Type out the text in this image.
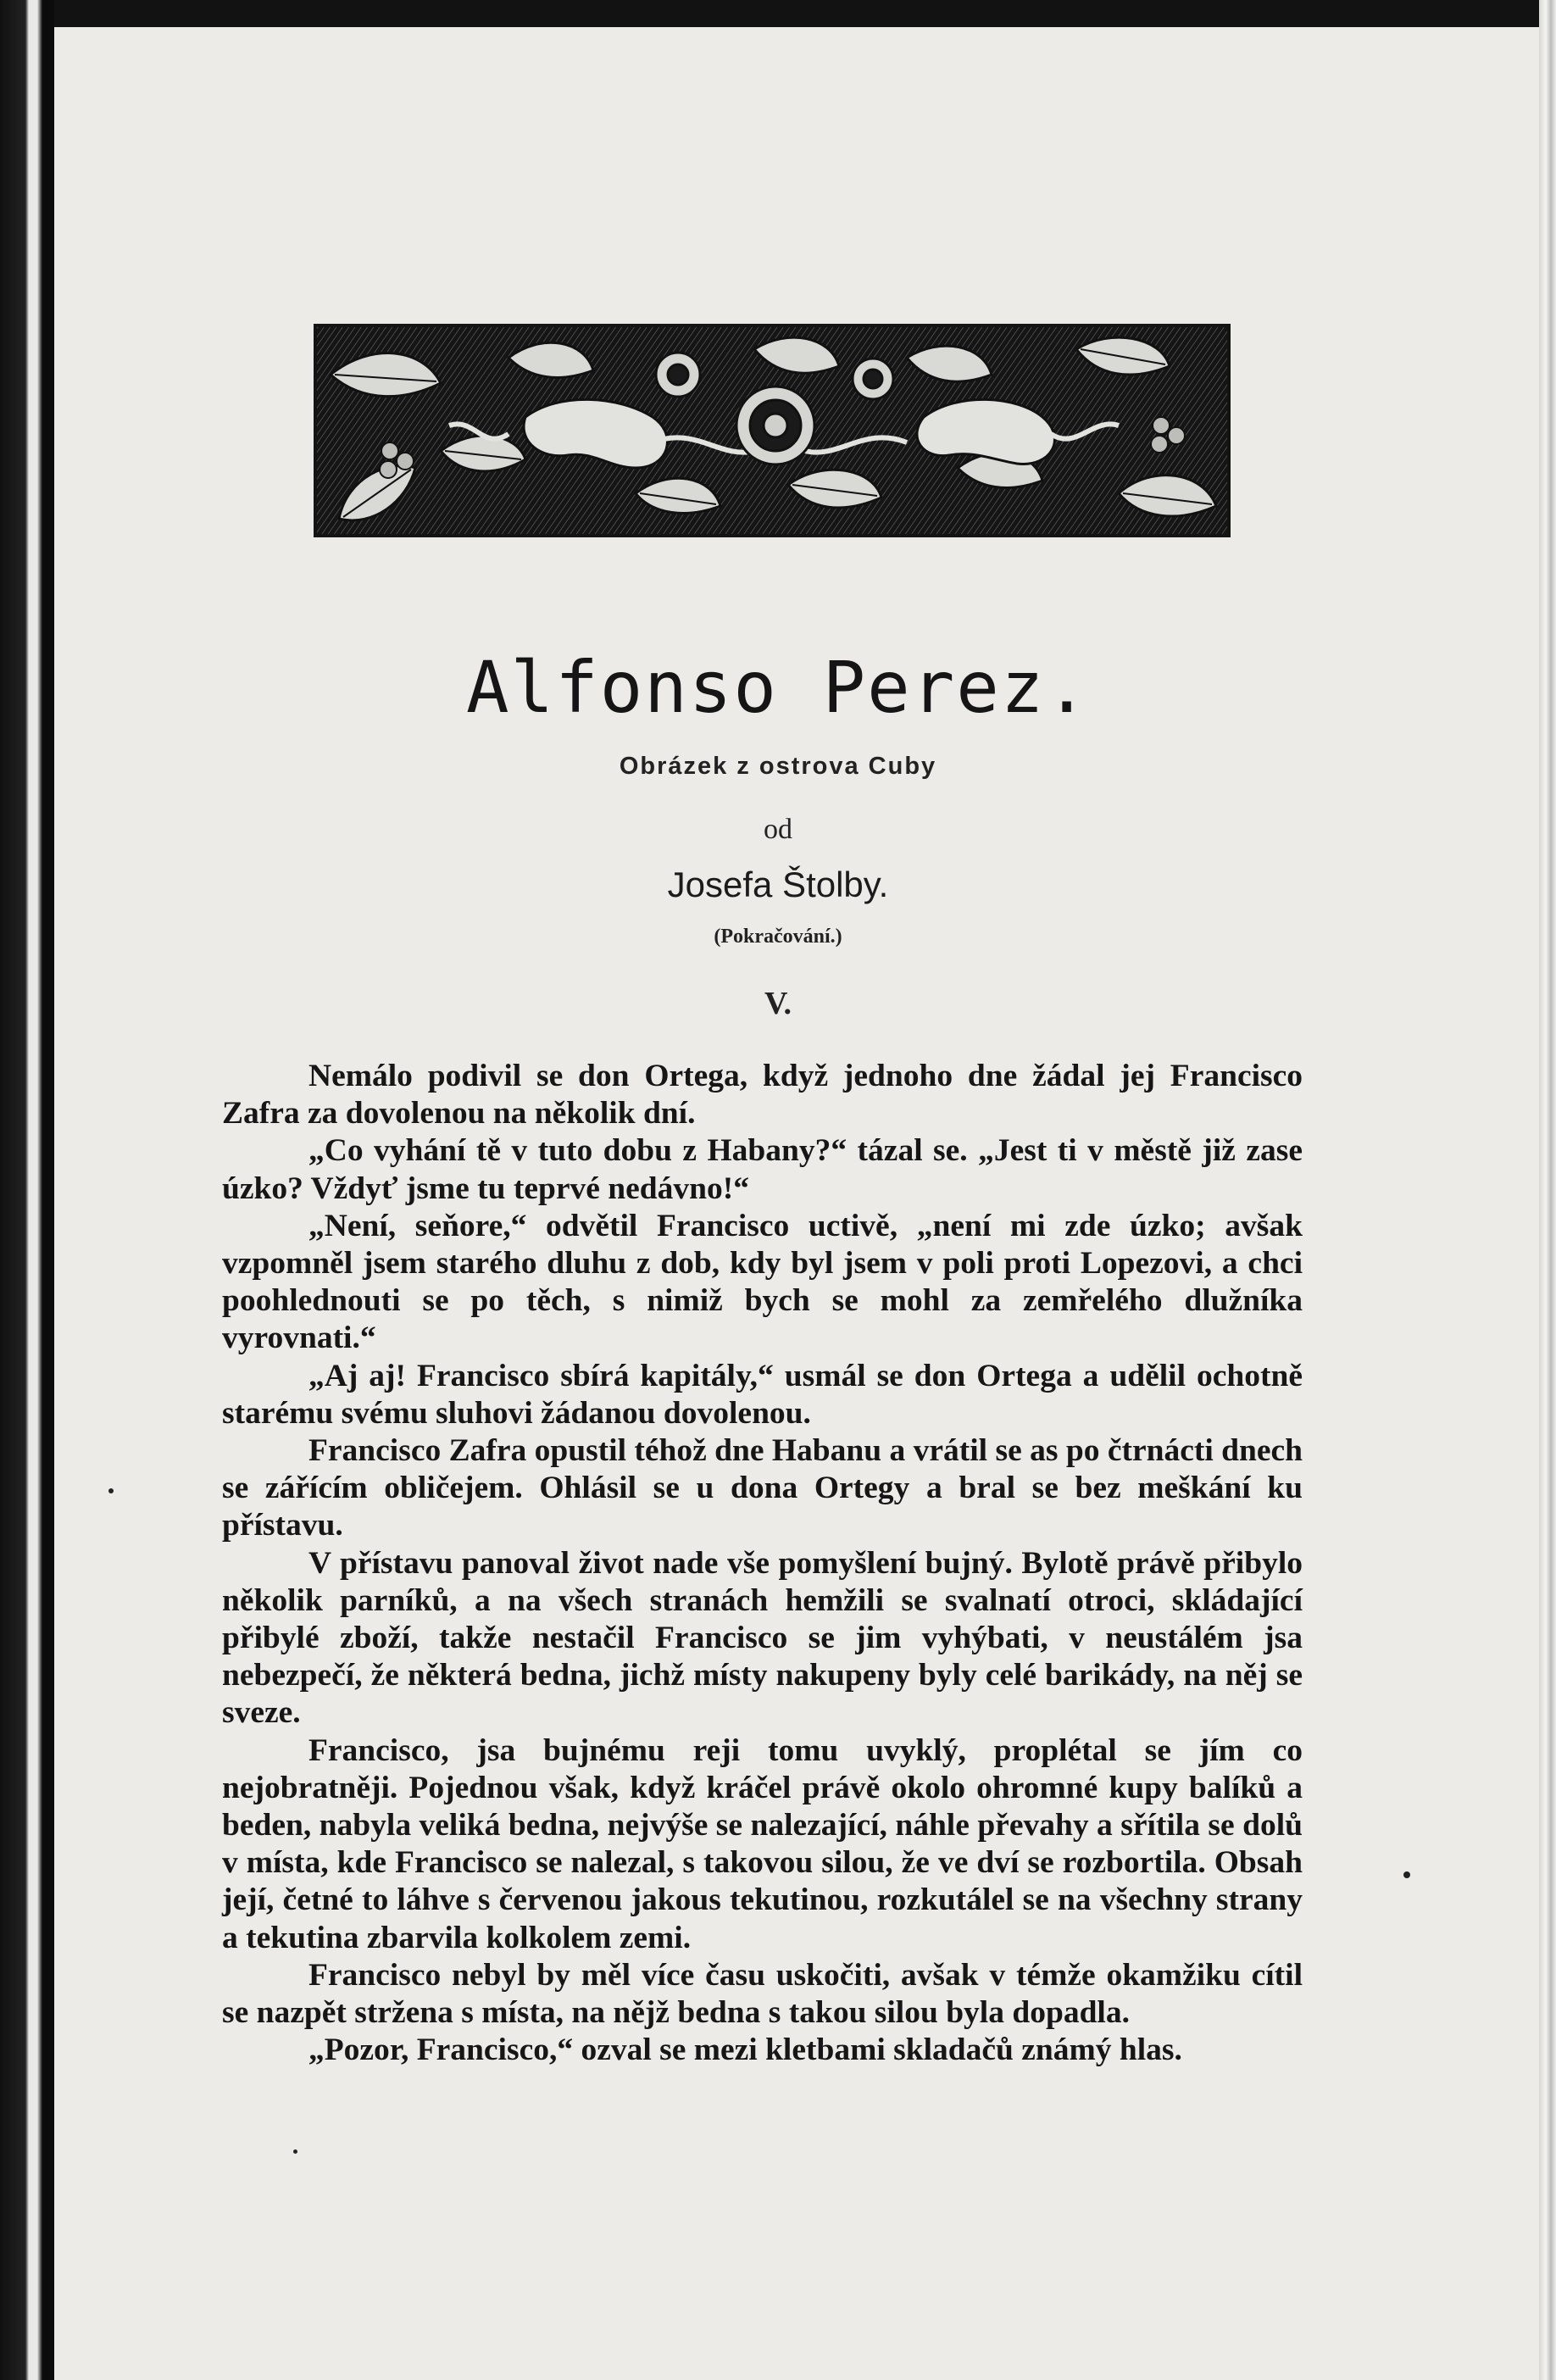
Alfonso Perez.
Obrázek z ostrova Cuby
od
Josefa Štolby.
(Pokračování.)
V.

Nemálo podivil se don Ortega, když jednoho dne žádal jej Francisco Zafra za dovolenou na několik dní.

„Co vyhání tě v tuto dobu z Habany?“ tázal se. „Jest ti v městě již zase úzko? Vždyť jsme tu teprvé nedávno!“

„Není, seňore,“ odvětil Francisco uctivě, „není mi zde úzko; avšak vzpomněl jsem starého dluhu z dob, kdy byl jsem v poli proti Lopezovi, a chci poohlednouti se po těch, s nimiž bych se mohl za zemřelého dlužníka vyrovnati.“

„Aj aj! Francisco sbírá kapitály,“ usmál se don Ortega a udělil ochotně starému svému sluhovi žádanou dovolenou.

Francisco Zafra opustil téhož dne Habanu a vrátil se as po čtrnácti dnech se zářícím obličejem. Ohlásil se u dona Ortegy a bral se bez meškání ku přístavu.

V přístavu panoval život nade vše pomyšlení bujný. Bylotě právě přibylo několik parníků, a na všech stranách hemžili se svalnatí otroci, skládající přibylé zboží, takže nestačil Francisco se jim vyhýbati, v neustálém jsa nebezpečí, že některá bedna, jichž místy nakupeny byly celé barikády, na něj se sveze.

Francisco, jsa bujnému reji tomu uvyklý, proplétal se jím co nejobratněji. Pojednou však, když kráčel právě okolo ohromné kupy balíků a beden, nabyla veliká bedna, nejvýše se nalezající, náhle převahy a sřítila se dolů v místa, kde Francisco se nalezal, s takovou silou, že ve dví se rozbortila. Obsah její, četné to láhve s červenou jakous tekutinou, rozkutálel se na všechny strany a tekutina zbarvila kolkolem zemi.

Francisco nebyl by měl více času uskočiti, avšak v témže okamžiku cítil se nazpět stržena s místa, na nějž bedna s takou silou byla dopadla.

„Pozor, Francisco,“ ozval se mezi kletbami skladačů známý hlas.
